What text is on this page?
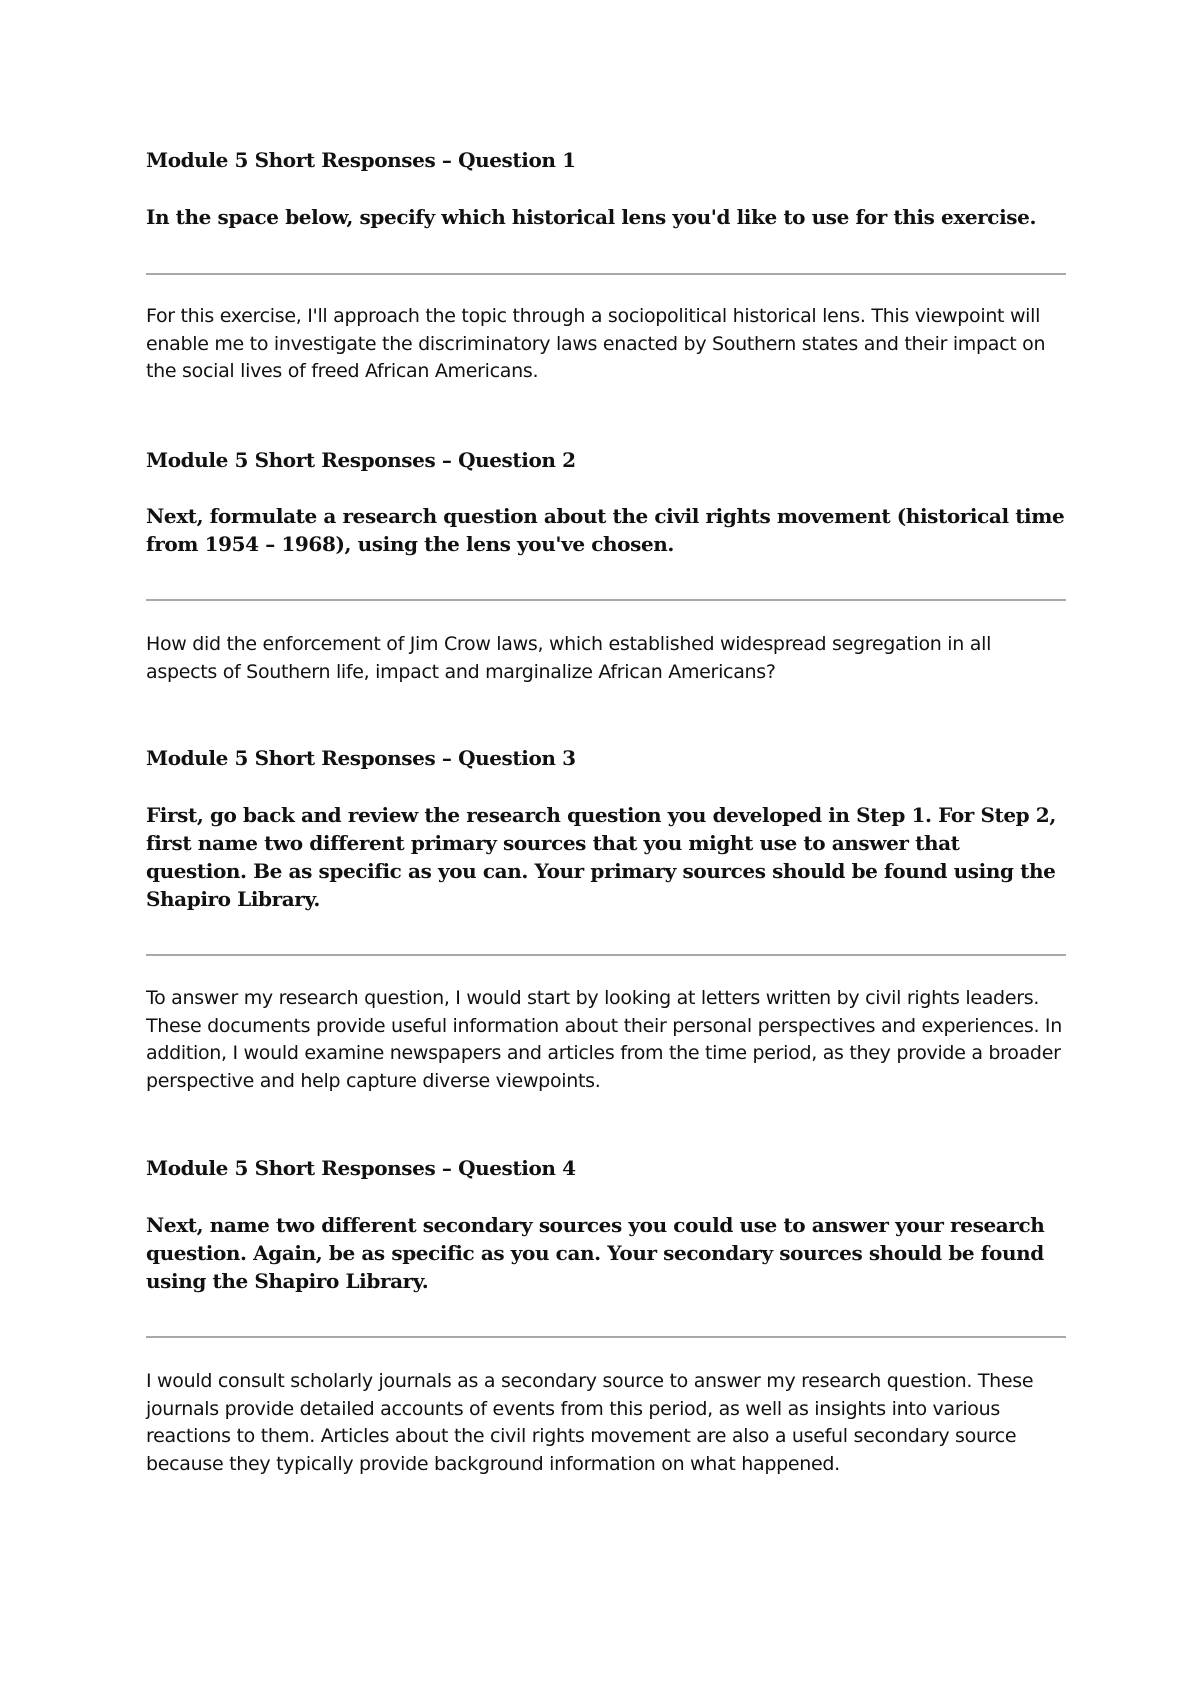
Module 5 Short Responses – Question 1

In the space below, specify which historical lens you'd like to use for this exercise.

For this exercise, I'll approach the topic through a sociopolitical historical lens. This viewpoint will enable me to investigate the discriminatory laws enacted by Southern states and their impact on the social lives of freed African Americans.

Module 5 Short Responses – Question 2

Next, formulate a research question about the civil rights movement (historical time from 1954 – 1968), using the lens you've chosen.

How did the enforcement of Jim Crow laws, which established widespread segregation in all aspects of Southern life, impact and marginalize African Americans?

Module 5 Short Responses – Question 3

First, go back and review the research question you developed in Step 1. For Step 2, first name two different primary sources that you might use to answer that question. Be as specific as you can. Your primary sources should be found using the Shapiro Library.

To answer my research question, I would start by looking at letters written by civil rights leaders. These documents provide useful information about their personal perspectives and experiences. In addition, I would examine newspapers and articles from the time period, as they provide a broader perspective and help capture diverse viewpoints.

Module 5 Short Responses – Question 4

Next, name two different secondary sources you could use to answer your research question. Again, be as specific as you can. Your secondary sources should be found using the Shapiro Library.

I would consult scholarly journals as a secondary source to answer my research question. These journals provide detailed accounts of events from this period, as well as insights into various reactions to them. Articles about the civil rights movement are also a useful secondary source because they typically provide background information on what happened.
